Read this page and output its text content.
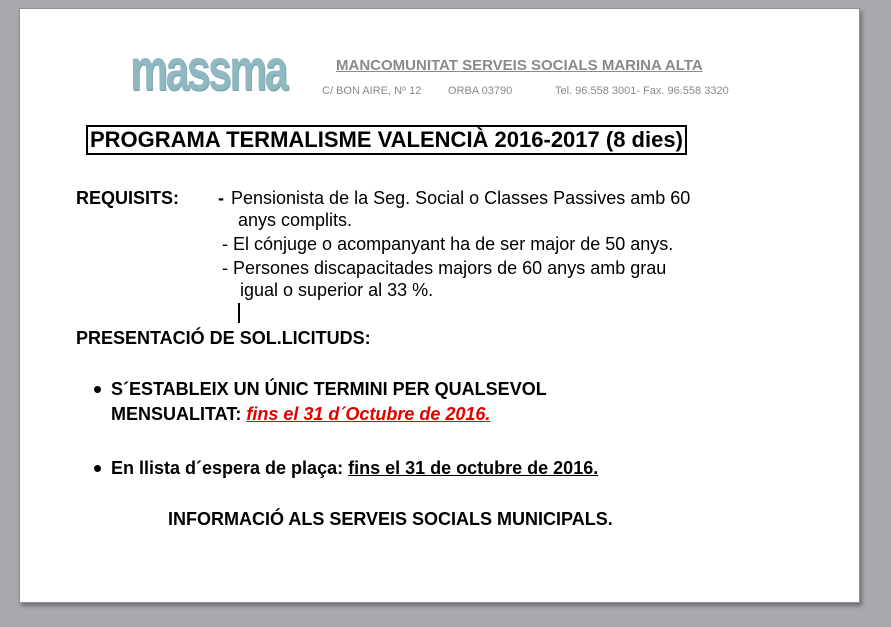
massma	MANCOMUNITAT SERVEIS SOCIALS MARINA ALTA
C/ BON AIRE, Nº 12 ORBA 03790	Tel. 96.558 3001- Fax. 96.558 3320
PROGRAMA TERMALISME VALENCIÀ 2016-2017 (8 dies)
REQUISITS: - Pensionista de la Seg. Social o Classes Passives amb 60
anys complits.
- El cónjuge o acompanyant ha de ser major de 50 anys.
- Persones discapacitades majors de 60 anys amb grau
igual o superior al 33 %.
PRESENTACIÓ DE SOL.LICITUDS:
S´ESTABLEIX UN ÚNIC TERMINI PER QUALSEVOL
MENSUALITAT: fins el 31 d´Octubre de 2016.
En llista d´espera de plaça: fins el 31 de octubre de 2016.
INFORMACIÓ ALS SERVEIS SOCIALS MUNICIPALS.
